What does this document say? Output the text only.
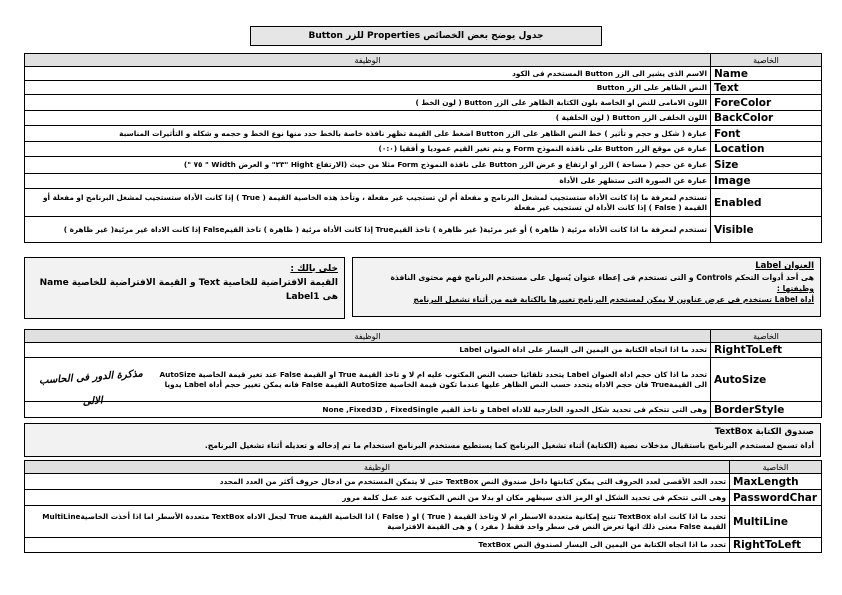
جدول يوضح بعض الخصائص Properties للزر Button
الوظيفة	الخاصية
الاسم الذى يشير الى الزر Button المستخدم فى الكود	Name
النص الظاهر على الزر Button	Text
اللون الامامى للنص او الخاصة بلون الكتابة الظاهر على الزر Button ( لون الخط )	ForeColor
اللون الخلفى الزر Button ( لون الخلفية )	BackColor
عبارة ( شكل و حجم و تأثير ) خط النص الظاهر على الزر Button اضغط على القيمة تظهر نافذة خاصة بالخط حدد منها نوع الخط و حجمه و شكله و التأثيرات المناسبة	Font
عبارة عن موقع الزر Button على نافذة النموذج Form و يتم تغير القيم عموديا و أفقيا (٠:٠)	Location
عبارة عن حجم ( مساحة ) الزر او ارتفاع و عرض الزر Button على نافذة النموذج Form مثلا من حيث (الارتفاع Hight "٢٣" و العرض Width " ٧٥ ")	Size
عبارة عن الصورة التى ستظهر على الأداة	Image
تستخدم لمعرفة ما إذا كانت الأداة ستستجيب لمشغل البرنامج و مفعلة أم لن تستجيب غير مفعلة ، وتأخذ هذه الخاصية القيمة ( True ) إذا كانت الأداة ستستجيب لمشغل البرنامج او مفعلة أو القيمة ( False ) إذا كانت الأداة لن تستجيب غير مفعلة	Enabled
تستخدم لمعرفة ما اذا كانت الأداة مرئية ( ظاهرة ) أو غير مرئية( غير ظاهرة ) تاخذ القيمTrue إذا كانت الأداة مرئية ( ظاهرة ) تاخذ القيمFalse إذا كانت الاداة غير مرئية( غير ظاهرة )	Visible
خلى بالك :
القيمة الافتراضية للخاصية Text و القيمة الافتراضية للخاصية Name هى Label1
العنوان Label
هى أحد أدوات التحكم Controls و التى تستخدم فى إعطاء عنوان يُسهل على مستخدم البرنامج فهم محتوى النافذة
وظيفتها :
أداة Label تستخدم فى عرض عناوين لا يمكن لمستخدم البرنامج تغييرها بالكتابة فيه من أثناء تشغيل البرنامج
الوظيفة	الخاصية
تحدد ما اذا اتجاه الكتابة من اليمين الى اليسار على اداة العنوان Label	RightToLeft
تحدد ما اذا كان حجم اداة العنوان Label يتحدد تلقائيا حسب النص المكتوب عليه ام لا و تاخذ القيمة True او القيمة False عند تغير قيمة الخاصية AutoSize الى القيمةTrue فان حجم الاداه يتحدد حسب النص الظاهر عليها عندما تكون قيمة الخاصية AutoSize القيمة False فانه يمكن تغيير حجم أداة Label يدويا	AutoSize
وهى التى تتحكم فى تحديد شكل الحدود الخارجية للاداه Label و تاخذ القيم None ,Fixed3D , FixedSingle	BorderStyle
مذكرة الدور فى الحاسب الالى
صندوق الكتابة TextBox
أداة تسمح لمستخدم البرنامج باستقبال مدخلات نصية (الكتابة) أثناء تشغيل البرنامج كما يستطيع مستخدم البرنامج استخدام ما تم إدخاله و تعديله أثناء تشغيل البرنامج.
الوظيفة	الخاصية
تحدد الحد الأقصى لعدد الحروف التى يمكن كتابتها داخل صندوق النص TextBox حتى لا يتمكن المستخدم من ادخال حروف أكثر من العدد المحدد	MaxLength
وهى التى تتحكم فى تحديد الشكل او الرمز الذى سيظهر مكان او بدلا من النص المكتوب عند عمل كلمة مرور	PasswordChar
تحدد ما اذا كانت اداة TextBox تتيح إمكانية متعددة الاسطر ام لا وتاخذ القيمة ( True ) او ( False ) اذا الخاصية القيمة True لجعل الاداه TextBox متعددة الأسطر اما اذا أخذت الخاصيةMultiLine القيمة False معنى ذلك انها تعرض النص فى سطر واحد فقط ( مفرد ) و هى القيمة الافتراضية	MultiLine
تحدد ما اذا اتجاه الكتابة من اليمين الى اليسار لصندوق النص TextBox	RightToLeft
